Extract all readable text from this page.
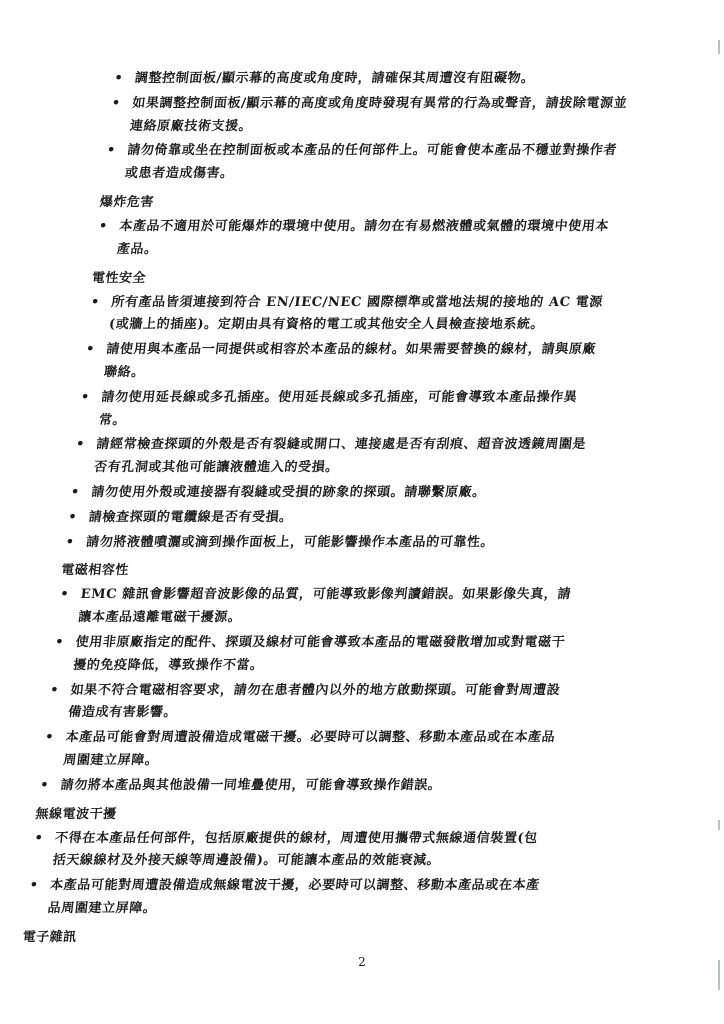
• 調整控制面板/顯示幕的高度或角度時，請確保其周遭沒有阻礙物。
• 如果調整控制面板/顯示幕的高度或角度時發現有異常的行為或聲音，請拔除電源並連絡原廠技術支援。
• 請勿倚靠或坐在控制面板或本產品的任何部件上。可能會使本產品不穩並對操作者或患者造成傷害。
爆炸危害
• 本產品不適用於可能爆炸的環境中使用。請勿在有易燃液體或氣體的環境中使用本產品。
電性安全
• 所有產品皆須連接到符合 EN/IEC/NEC 國際標準或當地法規的接地的 AC 電源(或牆上的插座)。定期由具有資格的電工或其他安全人員檢查接地系統。
• 請使用與本產品一同提供或相容於本產品的線材。如果需要替換的線材，請與原廠聯絡。
• 請勿使用延長線或多孔插座。使用延長線或多孔插座，可能會導致本產品操作異常。
• 請經常檢查探頭的外殼是否有裂縫或開口、連接處是否有刮痕、超音波透鏡周圍是否有孔洞或其他可能讓液體進入的受損。
• 請勿使用外殼或連接器有裂縫或受損的跡象的探頭。請聯繫原廠。
• 請檢查探頭的電纜線是否有受損。
• 請勿將液體噴灑或滴到操作面板上，可能影響操作本產品的可靠性。
電磁相容性
• EMC 雜訊會影響超音波影像的品質，可能導致影像判讀錯誤。如果影像失真，請讓本產品遠離電磁干擾源。
• 使用非原廠指定的配件、探頭及線材可能會導致本產品的電磁發散增加或對電磁干擾的免疫降低，導致操作不當。
• 如果不符合電磁相容要求，請勿在患者體內以外的地方啟動探頭。可能會對周遭設備造成有害影響。
• 本產品可能會對周遭設備造成電磁干擾。必要時可以調整、移動本產品或在本產品周圍建立屏障。
• 請勿將本產品與其他設備一同堆疊使用，可能會導致操作錯誤。
無線電波干擾
• 不得在本產品任何部件，包括原廠提供的線材，周遭使用攜帶式無線通信裝置(包括天線線材及外接天線等周邊設備)。可能讓本產品的效能衰減。
• 本產品可能對周遭設備造成無線電波干擾，必要時可以調整、移動本產品或在本產品周圍建立屏障。
電子雜訊
2
